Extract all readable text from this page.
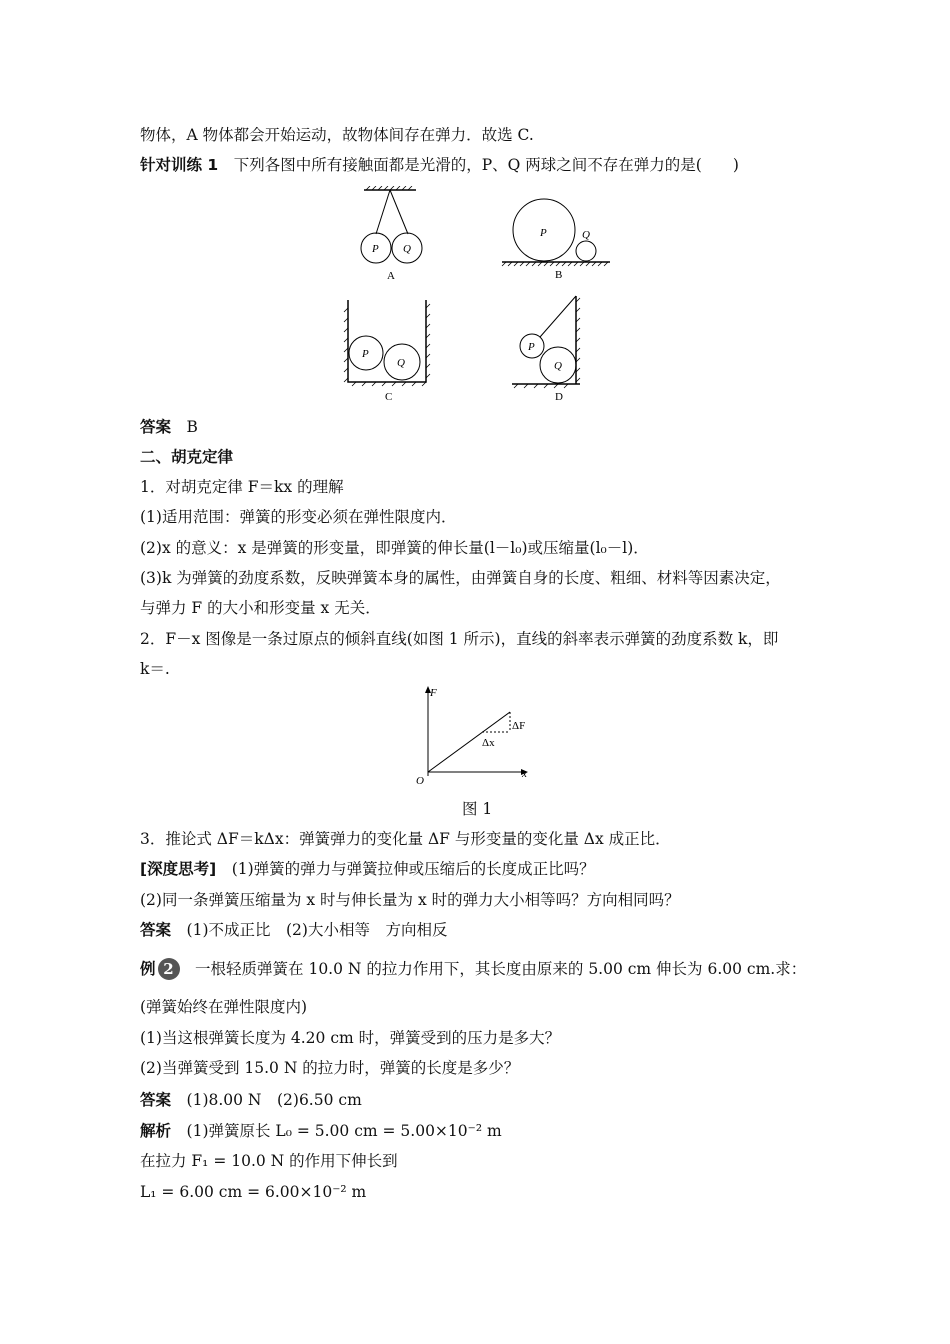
物体，A 物体都会开始运动，故物体间存在弹力．故选 C.
针对训练 1　 下列各图中所有接触面都是光滑的，P、Q 两球之间不存在弹力的是(　　)
P Q
A
P	Q
B
P
Q
C
P
Q
D
答案　 B
二、胡克定律
1．对胡克定律 F＝kx 的理解
(1)适用范围：弹簧的形变必须在弹性限度内．
(2)x 的意义：x 是弹簧的形变量，即弹簧的伸长量(l－l₀)或压缩量(l₀－l)．
(3)k 为弹簧的劲度系数，反映弹簧本身的属性，由弹簧自身的长度、粗细、材料等因素决定，
与弹力 F 的大小和形变量 x 无关．
2．F－x 图像是一条过原点的倾斜直线(如图 1 所示)，直线的斜率表示弹簧的劲度系数 k，即
k＝.
F
x
O
ΔF
Δx
图 1
3．推论式 ΔF＝kΔx：弹簧弹力的变化量 ΔF 与形变量的变化量 Δx 成正比．
[深度思考]　 (1)弹簧的弹力与弹簧拉伸或压缩后的长度成正比吗？
(2)同一条弹簧压缩量为 x 时与伸长量为 x 时的弹力大小相等吗？方向相同吗？
答案　 (1)不成正比　(2)大小相等　方向相反
例 2　 一根轻质弹簧在 10.0 N 的拉力作用下，其长度由原来的 5.00 cm 伸长为 6.00 cm.求：
(弹簧始终在弹性限度内)
(1)当这根弹簧长度为 4.20 cm 时，弹簧受到的压力是多大？
(2)当弹簧受到 15.0 N 的拉力时，弹簧的长度是多少？
答案　 (1)8.00 N　(2)6.50 cm
解析　 (1)弹簧原长 L₀ = 5.00 cm = 5.00×10⁻² m
在拉力 F₁ = 10.0 N 的作用下伸长到
L₁ = 6.00 cm = 6.00×10⁻² m
